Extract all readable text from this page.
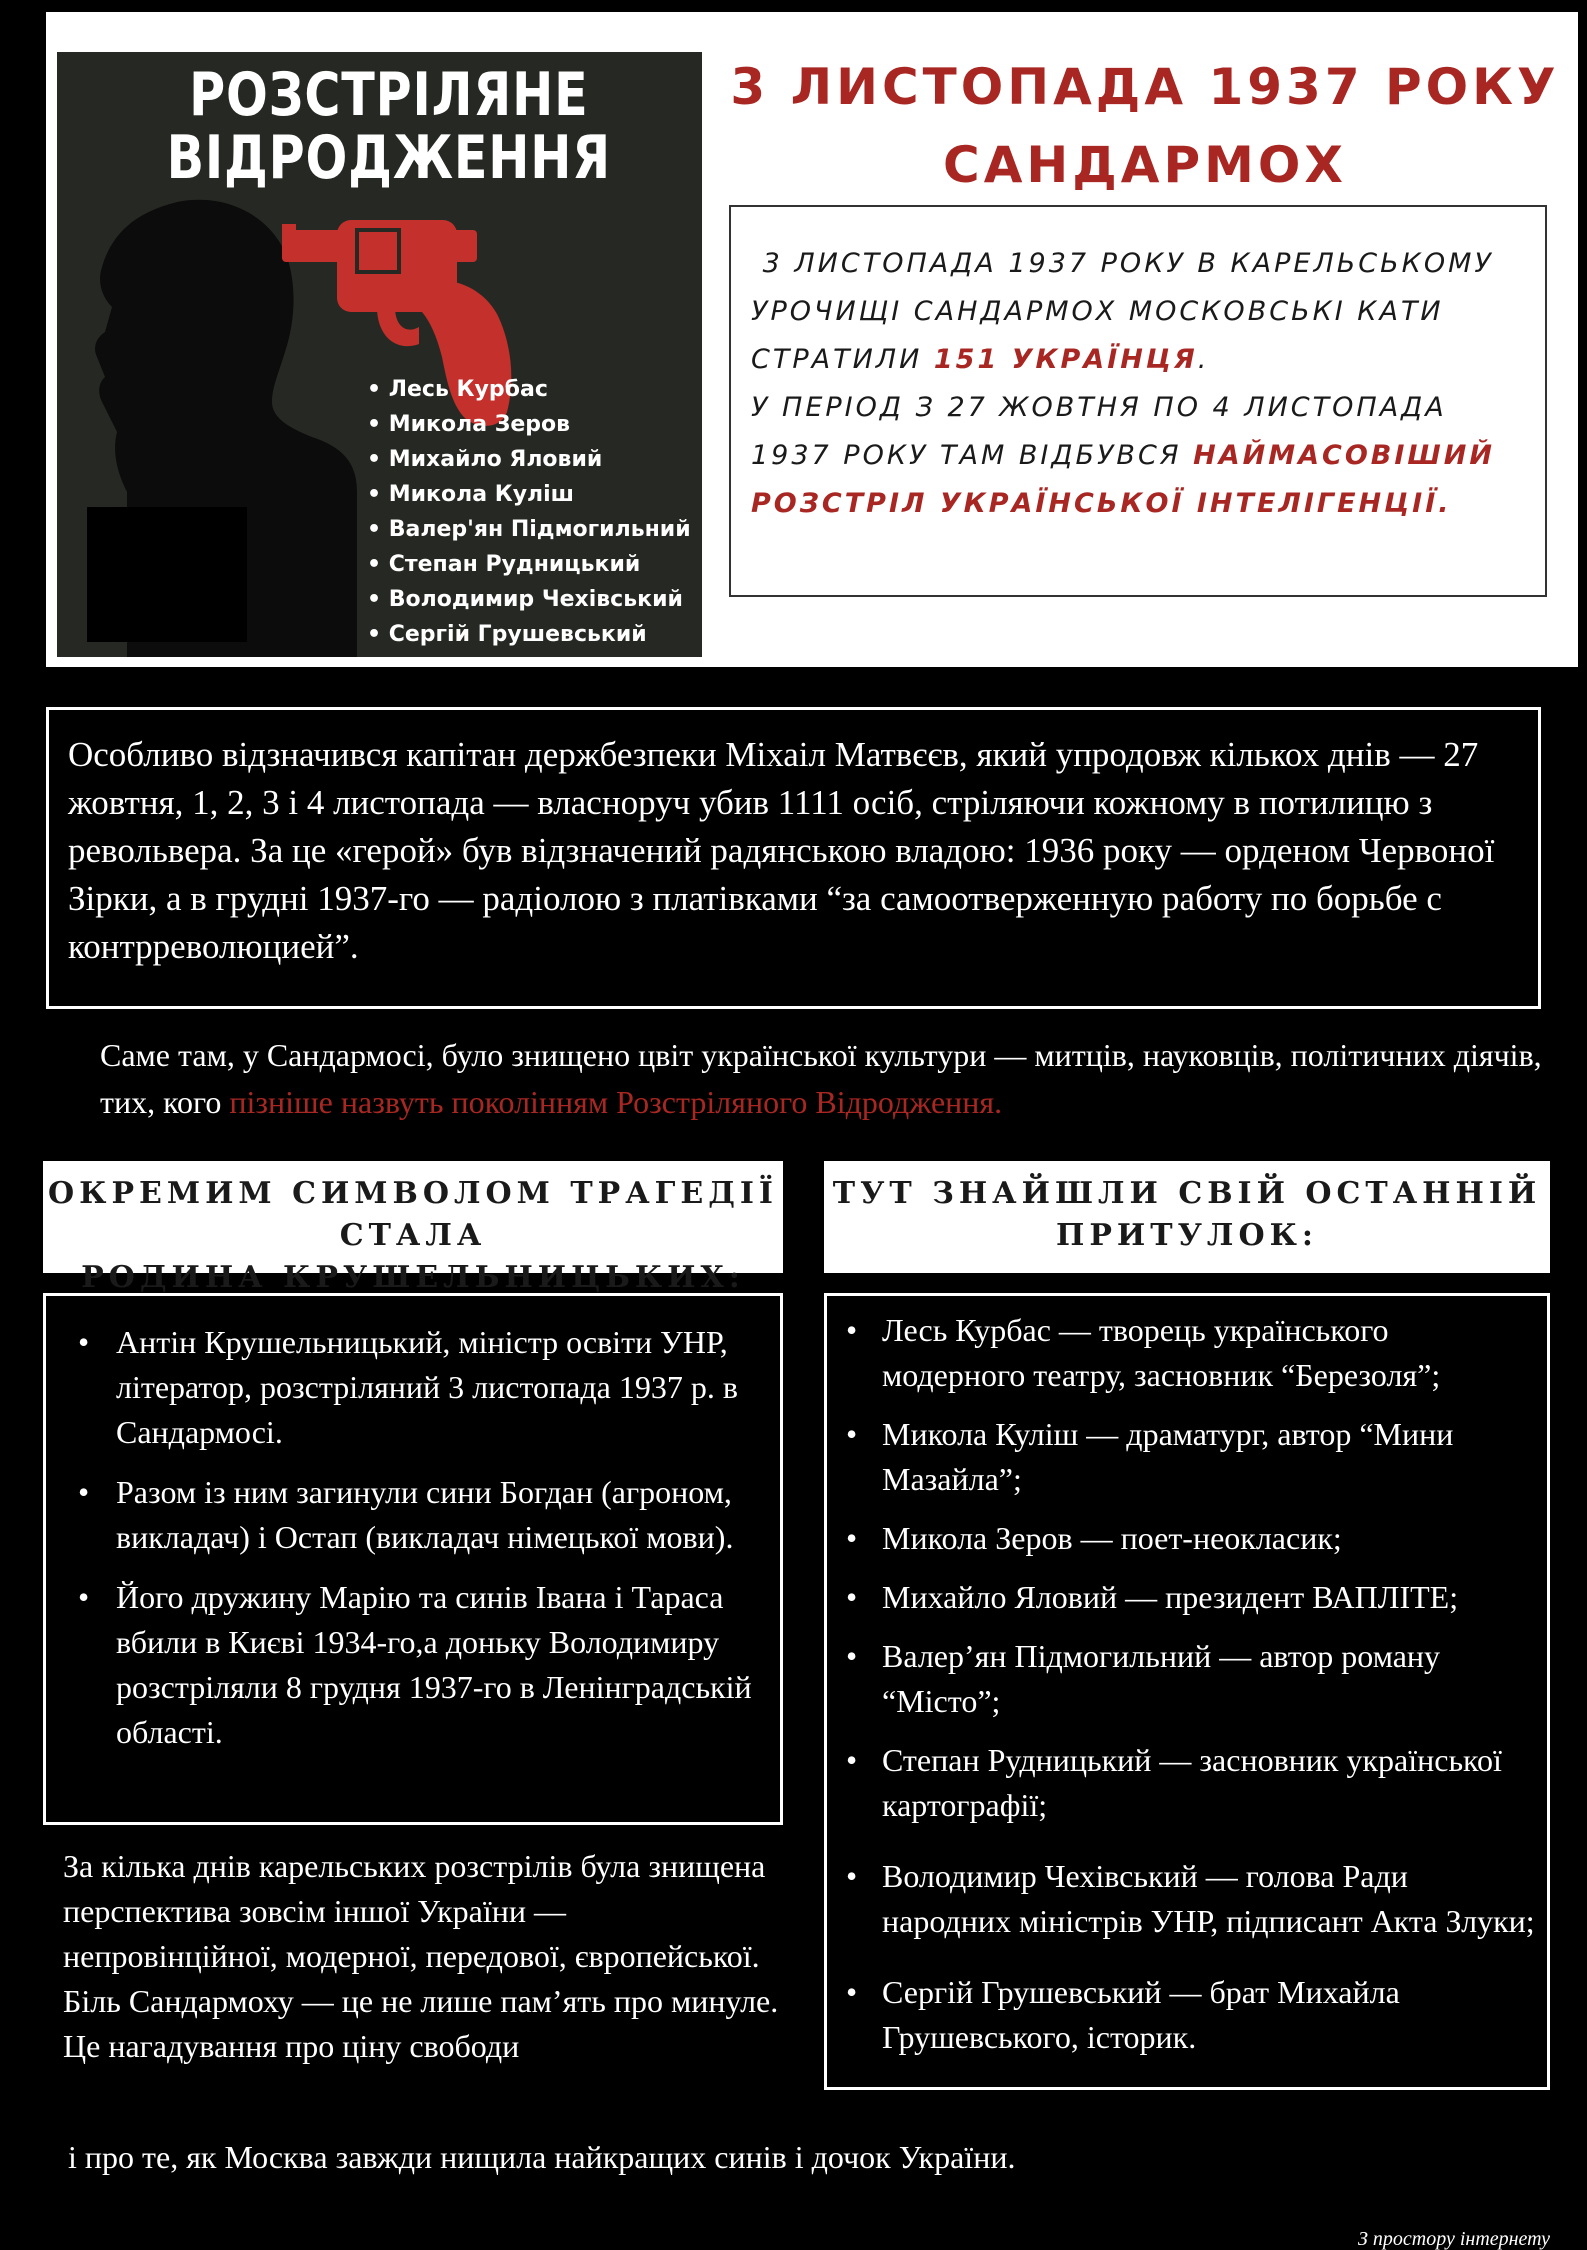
РОЗСТРІЛЯНЕ
ВІДРОДЖЕННЯ
• Лесь Курбас
• Микола Зеров
• Михайло Яловий
• Микола Куліш
• Валер'ян Підмогильний
• Степан Рудницький
• Володимир Чехівський
• Сергій Грушевський
3 ЛИСТОПАДА 1937 РОКУ
САНДАРМОХ
3 ЛИСТОПАДА 1937 РОКУ В КАРЕЛЬСЬКОМУ
УРОЧИЩІ САНДАРМОХ МОСКОВСЬКІ КАТИ
СТРАТИЛИ 151 УКРАЇНЦЯ.
У ПЕРІОД З 27 ЖОВТНЯ ПО 4 ЛИСТОПАДА
1937 РОКУ ТАМ ВІДБУВСЯ НАЙМАСОВІШИЙ
РОЗСТРІЛ УКРАЇНСЬКОЇ ІНТЕЛІГЕНЦІЇ.
Особливо відзначився капітан держбезпеки Міхаіл Матвєєв, який упродовж кількох днів — 27 жовтня, 1, 2, 3 і 4 листопада — власноруч убив 1111 осіб, стріляючи кожному в потилицю з револьвера. За це «герой» був відзначений радянською владою: 1936 року — орденом Червоної Зірки, а в грудні 1937-го — радіолою з платівками “за самоотверженную работу по борьбе с контрреволюцией”.
Саме там, у Сандармосі, було знищено цвіт української культури — митців, науковців, політичних діячів, тих, кого пізніше назвуть поколінням Розстріляного Відродження.
ОКРЕМИМ СИМВОЛОМ ТРАГЕДІЇ СТАЛА
РОДИНА КРУШЕЛЬНИЦЬКИХ:
ТУТ ЗНАЙШЛИ СВІЙ ОСТАННІЙ
ПРИТУЛОК:
• Антін Крушельницький, міністр освіти УНР, літератор, розстріляний 3 листопада 1937 р. в Сандармосі.
• Разом із ним загинули сини Богдан (агроном, викладач) і Остап (викладач німецької мови).
• Його дружину Марію та синів Івана і Тараса вбили в Києві 1934-го,а доньку Володимиру розстріляли 8 грудня 1937-го в Ленінградській області.
• Лесь Курбас — творець українського модерного театру, засновник “Березоля”;
• Микола Куліш — драматург, автор “Мини Мазайла”;
• Микола Зеров — поет-неокласик;
• Михайло Яловий — президент ВАПЛІТЕ;
• Валер’ян Підмогильний — автор роману “Місто”;
• Степан Рудницький — засновник української картографії;
• Володимир Чехівський — голова Ради народних міністрів УНР, підписант Акта Злуки;
• Сергій Грушевський — брат Михайла Грушевського, історик.
За кілька днів карельських розстрілів була знищена перспектива зовсім іншої України — непровінційної, модерної, передової, європейської.
Біль Сандармоху — це не лише пам’ять про минуле. Це нагадування про ціну свободи
і про те, як Москва завжди нищила найкращих синів і дочок України.
З простору інтернету
